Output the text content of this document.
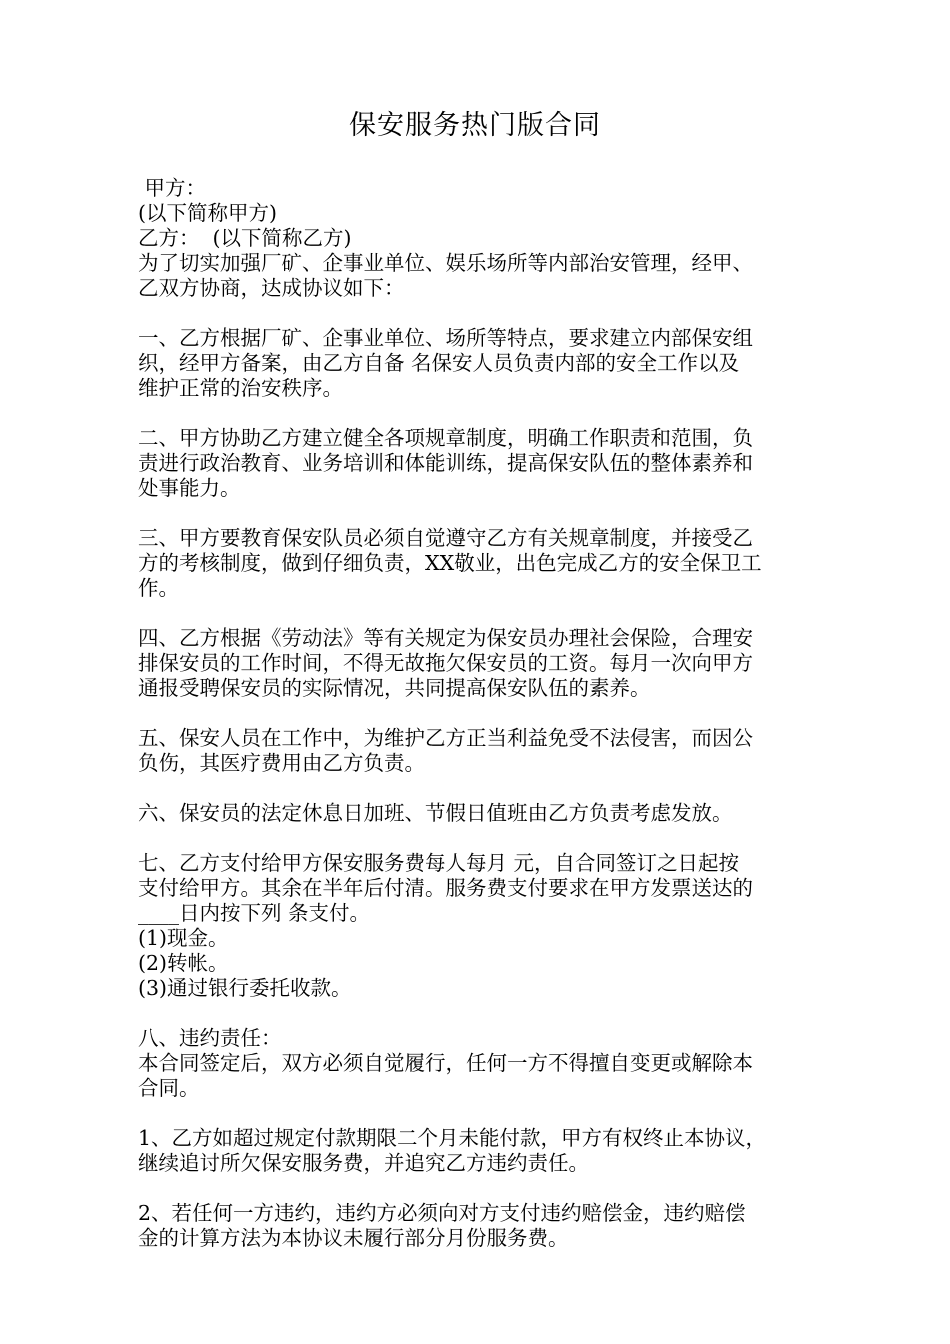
保安服务热门版合同
甲方：
(以下简称甲方)
乙方：  (以下简称乙方)
为了切实加强厂矿、企事业单位、娱乐场所等内部治安管理，经甲、
乙双方协商，达成协议如下：
一、乙方根据厂矿、企事业单位、场所等特点，要求建立内部保安组
织，经甲方备案，由乙方自备 名保安人员负责内部的安全工作以及
维护正常的治安秩序。
二、甲方协助乙方建立健全各项规章制度，明确工作职责和范围，负
责进行政治教育、业务培训和体能训练，提高保安队伍的整体素养和
处事能力。
三、甲方要教育保安队员必须自觉遵守乙方有关规章制度，并接受乙
方的考核制度，做到仔细负责，XX敬业，出色完成乙方的安全保卫工
作。
四、乙方根据《劳动法》等有关规定为保安员办理社会保险，合理安
排保安员的工作时间，不得无故拖欠保安员的工资。每月一次向甲方
通报受聘保安员的实际情况，共同提高保安队伍的素养。
五、保安人员在工作中，为维护乙方正当利益免受不法侵害，而因公
负伤，其医疗费用由乙方负责。
六、保安员的法定休息日加班、节假日值班由乙方负责考虑发放。
七、乙方支付给甲方保安服务费每人每月 元，自合同签订之日起按
支付给甲方。其余在半年后付清。服务费支付要求在甲方发票送达的
____日内按下列 条支付。
(1)现金。
(2)转帐。
(3)通过银行委托收款。
八、违约责任：
本合同签定后，双方必须自觉履行，任何一方不得擅自变更或解除本
合同。
1、乙方如超过规定付款期限二个月未能付款，甲方有权终止本协议，
继续追讨所欠保安服务费，并追究乙方违约责任。
2、若任何一方违约，违约方必须向对方支付违约赔偿金，违约赔偿
金的计算方法为本协议未履行部分月份服务费。
